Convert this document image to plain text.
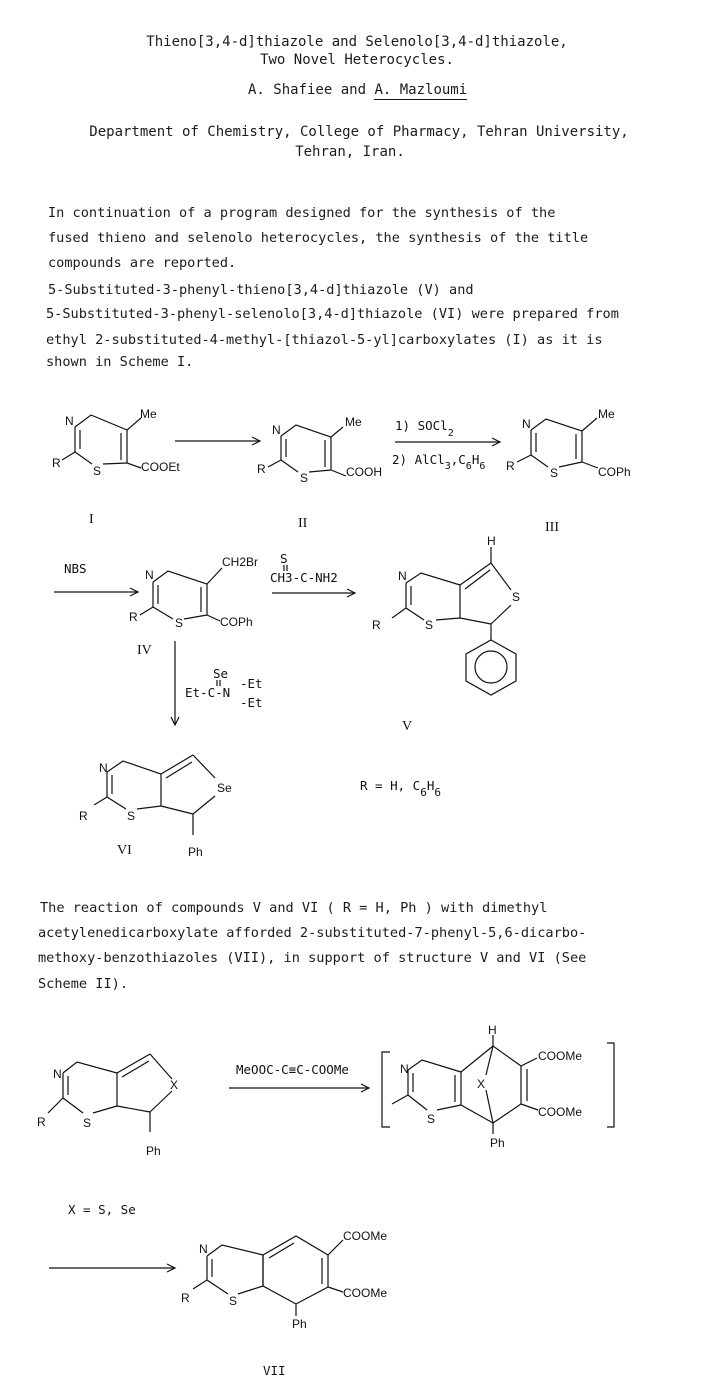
Thieno[3,4-d]thiazole and Selenolo[3,4-d]thiazole,
Two Novel Heterocycles.
A. Shafiee and A. Mazloumi
Department of Chemistry, College of Pharmacy, Tehran University,
Tehran, Iran.
In continuation of a program designed for the synthesis of the
fused thieno and selenolo heterocycles, the synthesis of the title
compounds are reported.
5-Substituted-3-phenyl-thieno[3,4-d]thiazole (V) and
5-Substituted-3-phenyl-selenolo[3,4-d]thiazole (VI) were prepared from
ethyl 2-substituted-4-methyl-[thiazol-5-yl]carboxylates (I) as it is
shown in Scheme I.
The reaction of compounds V and VI ( R = H, Ph ) with dimethyl
acetylenedicarboxylate afforded 2-substituted-7-phenyl-5,6-dicarbo-
methoxy-benzothiazoles (VII), in support of structure V and VI (See
Scheme II).
N
S
R
Me
COOEt
I
N
S
R
Me
COOH
II
1) SOCl$_2$
2) $AlCl_3,C_6H_6$
N
S
R
Me
COPh
III
NBS	N
S
R
CH2Br
COPh
IV
S
CH3-C-NH2	N
S
S
H
R
V
Se
Et-C-N
-Et
-Et
N
S
Se
R
Ph
VI
R = H, C6H6
N
S
X
R
Ph
MeOOC-C≡C-COOMe	N
S
X
H
Ph
COOMe
COOMe
X = S, Se
N
S
R
Ph
COOMe
COOMe
VII
